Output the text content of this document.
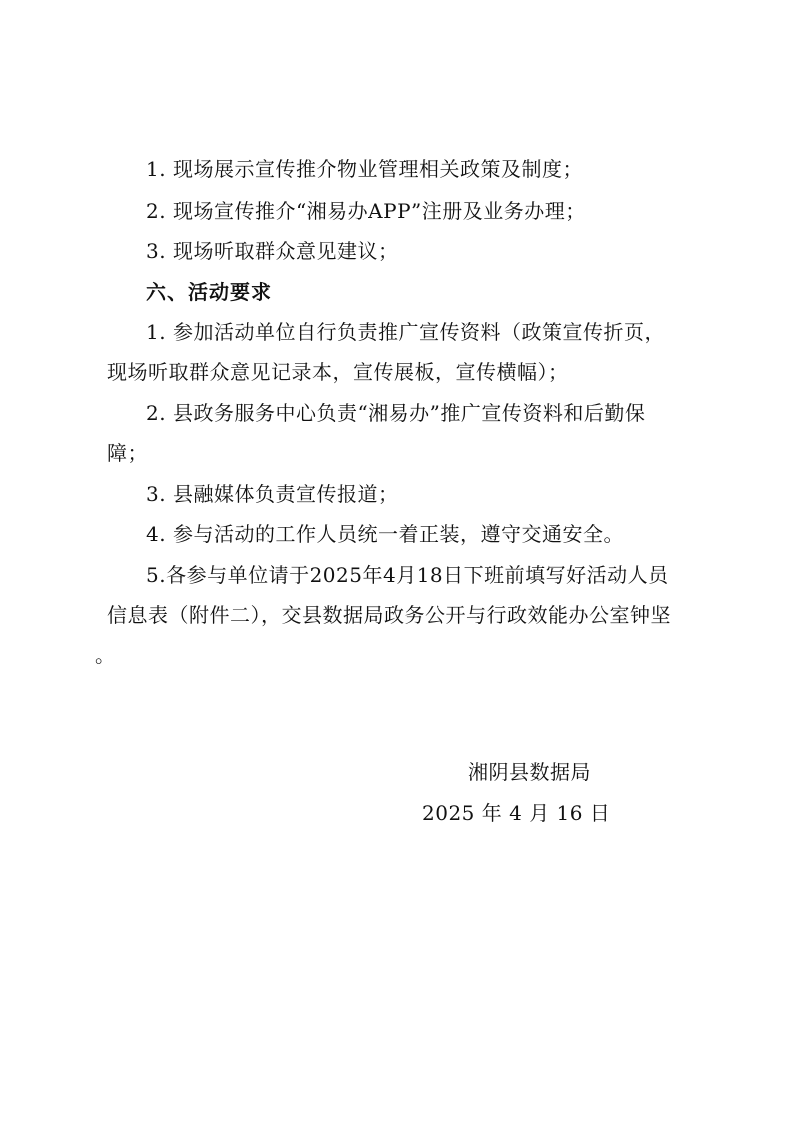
1. 现场展示宣传推介物业管理相关政策及制度；
2. 现场宣传推介“湘易办APP”注册及业务办理；
3. 现场听取群众意见建议；
六、活动要求
1. 参加活动单位自行负责推广宣传资料（政策宣传折页，
现场听取群众意见记录本，宣传展板，宣传横幅）；
2. 县政务服务中心负责“湘易办”推广宣传资料和后勤保
障；
3. 县融媒体负责宣传报道；
4. 参与活动的工作人员统一着正装，遵守交通安全。
5.各参与单位请于2025年4月18日下班前填写好活动人员
信息表（附件二），交县数据局政务公开与行政效能办公室钟坚
。
湘阴县数据局
2025 年 4 月 16 日
